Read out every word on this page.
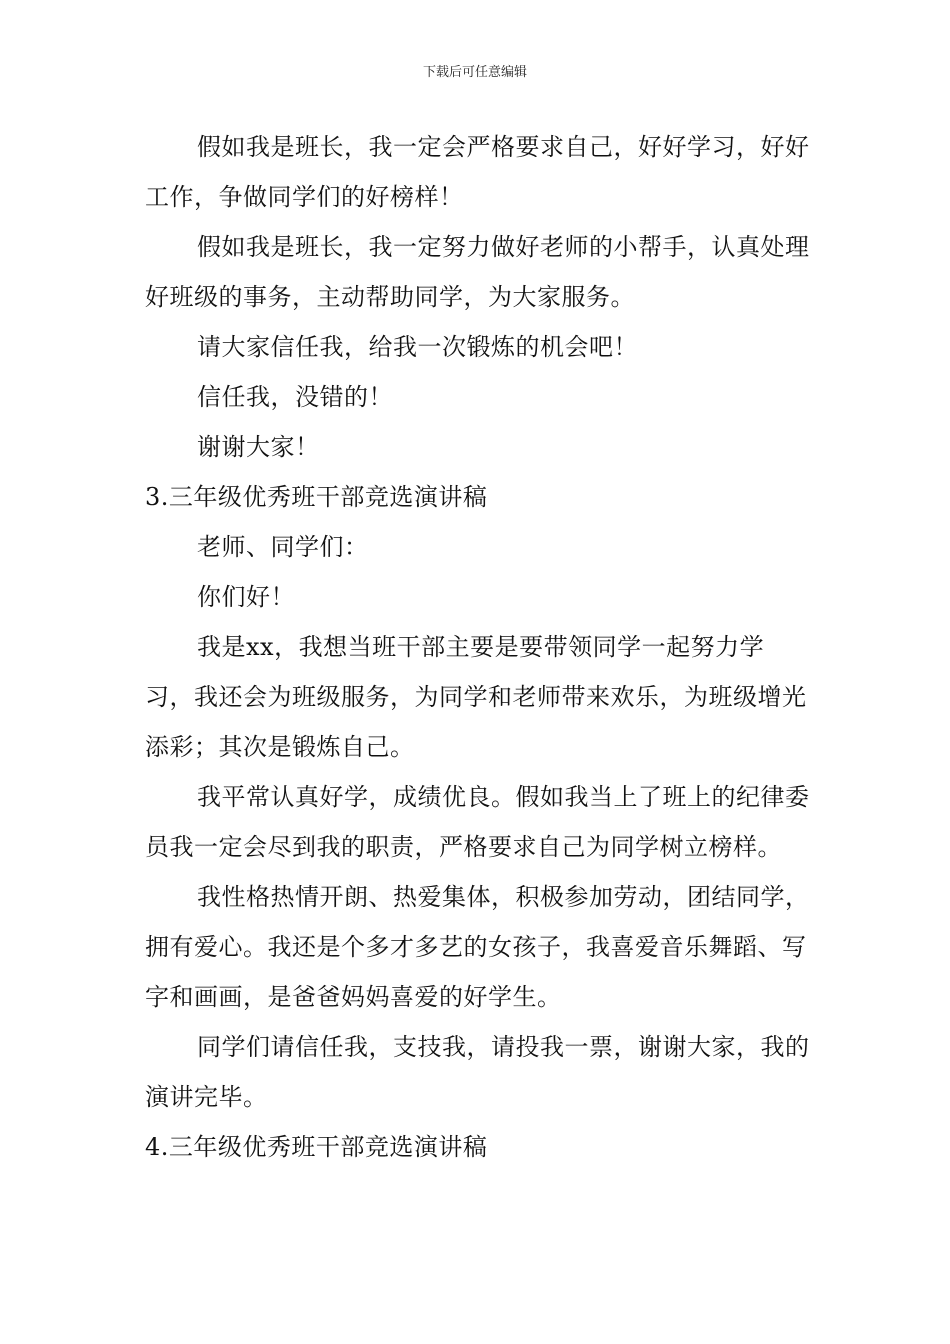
下载后可任意编辑

假如我是班长，我一定会严格要求自己，好好学习，好好工作，争做同学们的好榜样！

假如我是班长，我一定努力做好老师的小帮手，认真处理好班级的事务，主动帮助同学，为大家服务。

请大家信任我，给我一次锻炼的机会吧！

信任我，没错的！

谢谢大家！

3.三年级优秀班干部竞选演讲稿

老师、同学们：

你们好！

我是xx，我想当班干部主要是要带领同学一起努力学习，我还会为班级服务，为同学和老师带来欢乐，为班级增光添彩；其次是锻炼自己。

我平常认真好学，成绩优良。假如我当上了班上的纪律委员我一定会尽到我的职责，严格要求自己为同学树立榜样。

我性格热情开朗、热爱集体，积极参加劳动，团结同学，拥有爱心。我还是个多才多艺的女孩子，我喜爱音乐舞蹈、写字和画画，是爸爸妈妈喜爱的好学生。

同学们请信任我，支技我，请投我一票，谢谢大家，我的演讲完毕。

4.三年级优秀班干部竞选演讲稿
